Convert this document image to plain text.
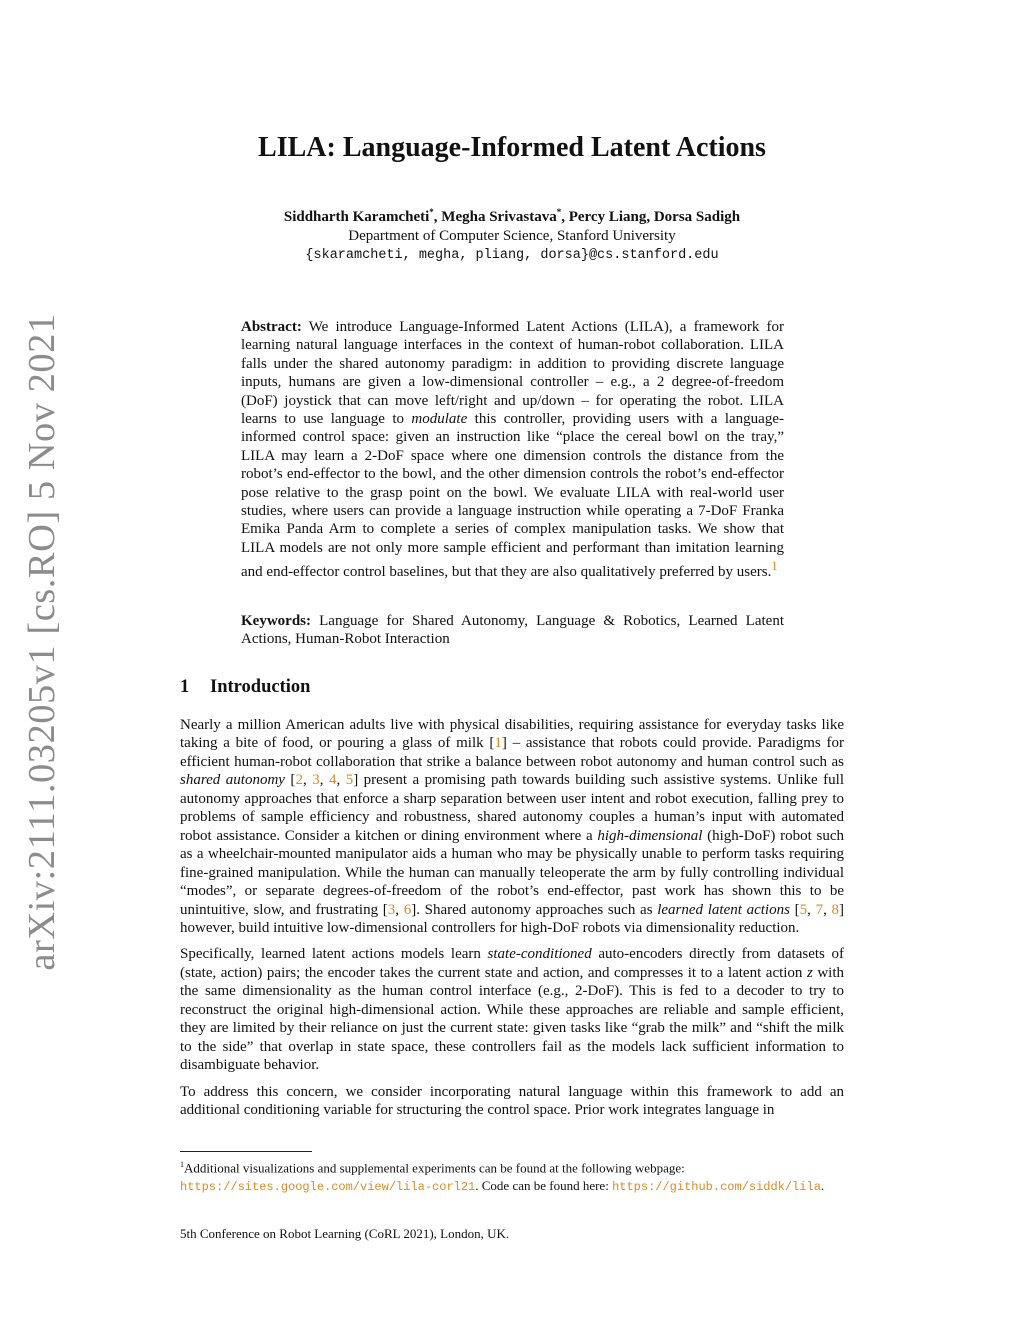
arXiv:2111.03205v1 [cs.RO] 5 Nov 2021
LILA: Language-Informed Latent Actions
Siddharth Karamcheti*, Megha Srivastava*, Percy Liang, Dorsa Sadigh
Department of Computer Science, Stanford University
{skaramcheti, megha, pliang, dorsa}@cs.stanford.edu
Abstract: We introduce Language-Informed Latent Actions (LILA), a framework for learning natural language interfaces in the context of human-robot collaboration. LILA falls under the shared autonomy paradigm: in addition to providing discrete language inputs, humans are given a low-dimensional controller – e.g., a 2 degree-of-freedom (DoF) joystick that can move left/right and up/down – for operating the robot. LILA learns to use language to modulate this controller, providing users with a language-informed control space: given an instruction like “place the cereal bowl on the tray,” LILA may learn a 2-DoF space where one dimension controls the distance from the robot’s end-effector to the bowl, and the other dimension controls the robot’s end-effector pose relative to the grasp point on the bowl. We evaluate LILA with real-world user studies, where users can provide a language instruction while operating a 7-DoF Franka Emika Panda Arm to complete a series of complex manipulation tasks. We show that LILA models are not only more sample efficient and performant than imitation learning and end-effector control baselines, but that they are also qualitatively preferred by users.$^1$
Keywords: Language for Shared Autonomy, Language & Robotics, Learned Latent Actions, Human-Robot Interaction
1 Introduction

Nearly a million American adults live with physical disabilities, requiring assistance for everyday tasks like taking a bite of food, or pouring a glass of milk [1] – assistance that robots could provide. Paradigms for efficient human-robot collaboration that strike a balance between robot autonomy and human control such as shared autonomy [2, 3, 4, 5] present a promising path towards building such assistive systems. Unlike full autonomy approaches that enforce a sharp separation between user intent and robot execution, falling prey to problems of sample efficiency and robustness, shared autonomy couples a human’s input with automated robot assistance. Consider a kitchen or dining environment where a high-dimensional (high-DoF) robot such as a wheelchair-mounted manipulator aids a human who may be physically unable to perform tasks requiring fine-grained manipulation. While the human can manually teleoperate the arm by fully controlling individual “modes”, or separate degrees-of-freedom of the robot’s end-effector, past work has shown this to be unintuitive, slow, and frustrating [3, 6]. Shared autonomy approaches such as learned latent actions [5, 7, 8] however, build intuitive low-dimensional controllers for high-DoF robots via dimensionality reduction.

Specifically, learned latent actions models learn state-conditioned auto-encoders directly from datasets of (state, action) pairs; the encoder takes the current state and action, and compresses it to a latent action z with the same dimensionality as the human control interface (e.g., 2-DoF). This is fed to a decoder to try to reconstruct the original high-dimensional action. While these approaches are reliable and sample efficient, they are limited by their reliance on just the current state: given tasks like “grab the milk” and “shift the milk to the side” that overlap in state space, these controllers fail as the models lack sufficient information to disambiguate behavior.

To address this concern, we consider incorporating natural language within this framework to add an additional conditioning variable for structuring the control space. Prior work integrates language in

$^1$Additional visualizations and supplemental experiments can be found at the following webpage: https://sites.google.com/view/lila-corl21. Code can be found here: https://github.com/siddk/lila.
5th Conference on Robot Learning (CoRL 2021), London, UK.
